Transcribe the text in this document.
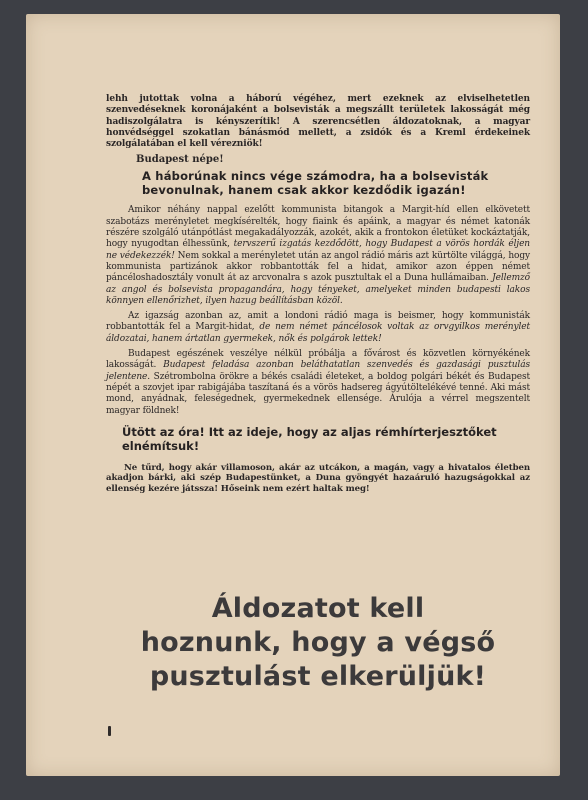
lehh jutottak volna a háború végéhez, mert ezeknek az elviselhetetlen szenvedéseknek koronájaként a bolsevisták a megszállt területek lakosságát még hadiszolgálatra is kényszerítik! A szerencsétlen áldozatoknak, a magyar honvédséggel szokatlan bánásmód mellett, a zsidók és a Kreml érdekeinek szolgálatában el kell vérezniök!

Budapest népe!
A háborúnak nincs vége számodra, ha a bolsevisták bevonulnak, hanem csak akkor kezdődik igazán!

Amikor néhány nappal ezelőtt kommunista bitangok a Margit-híd ellen elkövetett szabotázs merényletet megkísérelték, hogy fiaink és apáink, a magyar és német katonák részére szolgáló utánpótlást megakadályozzák, azokét, akik a frontokon életüket kockáztatják, hogy nyugodtan élhessünk, tervszerű izgatás kezdődött, hogy Budapest a vörös hordák éljen ne védekezzék! Nem sokkal a merényletet után az angol rádió máris azt kürtölte világgá, hogy kommunista partizánok akkor robbantották fel a hidat, amikor azon éppen német páncéloshadosztály vonult át az arcvonalra s azok pusztultak el a Duna hullámaiban. Jellemző az angol és bolsevista propagandára, hogy tényeket, amelyeket minden budapesti lakos könnyen ellenőrizhet, ilyen hazug beállításban közöl.

Az igazság azonban az, amit a londoni rádió maga is beismer, hogy kommunisták robbantották fel a Margit-hidat, de nem német páncélosok voltak az orvgyilkos merénylet áldozatai, hanem ártatlan gyermekek, nők és polgárok lettek!

Budapest egészének veszélye nélkül próbálja a fővárost és közvetlen környékének lakosságát. Budapest feladása azonban beláthatatlan szenvedés és gazdasági pusztulás jelentene. Szétrombolna örökre a békés családi életeket, a boldog polgári békét és Budapest népét a szovjet ipar rabigájába taszítaná és a vörös hadsereg ágyútöltelékévé tenné. Aki mást mond, anyádnak, feleségednek, gyermekednek ellensége. Árulója a vérrel megszentelt magyar földnek!

Ütött az óra! Itt az ideje, hogy az aljas rémhírterjesztőket elnémítsuk!

Ne tűrd, hogy akár villamoson, akár az utcákon, a magán, vagy a hivatalos életben akadjon bárki, aki szép Budapestünket, a Duna gyöngyét hazaáruló hazugságokkal az ellenség kezére játssza! Hőseink nem ezért haltak meg!

Áldozatot kell
hoznunk, hogy a végső
pusztulást elkerüljük!
